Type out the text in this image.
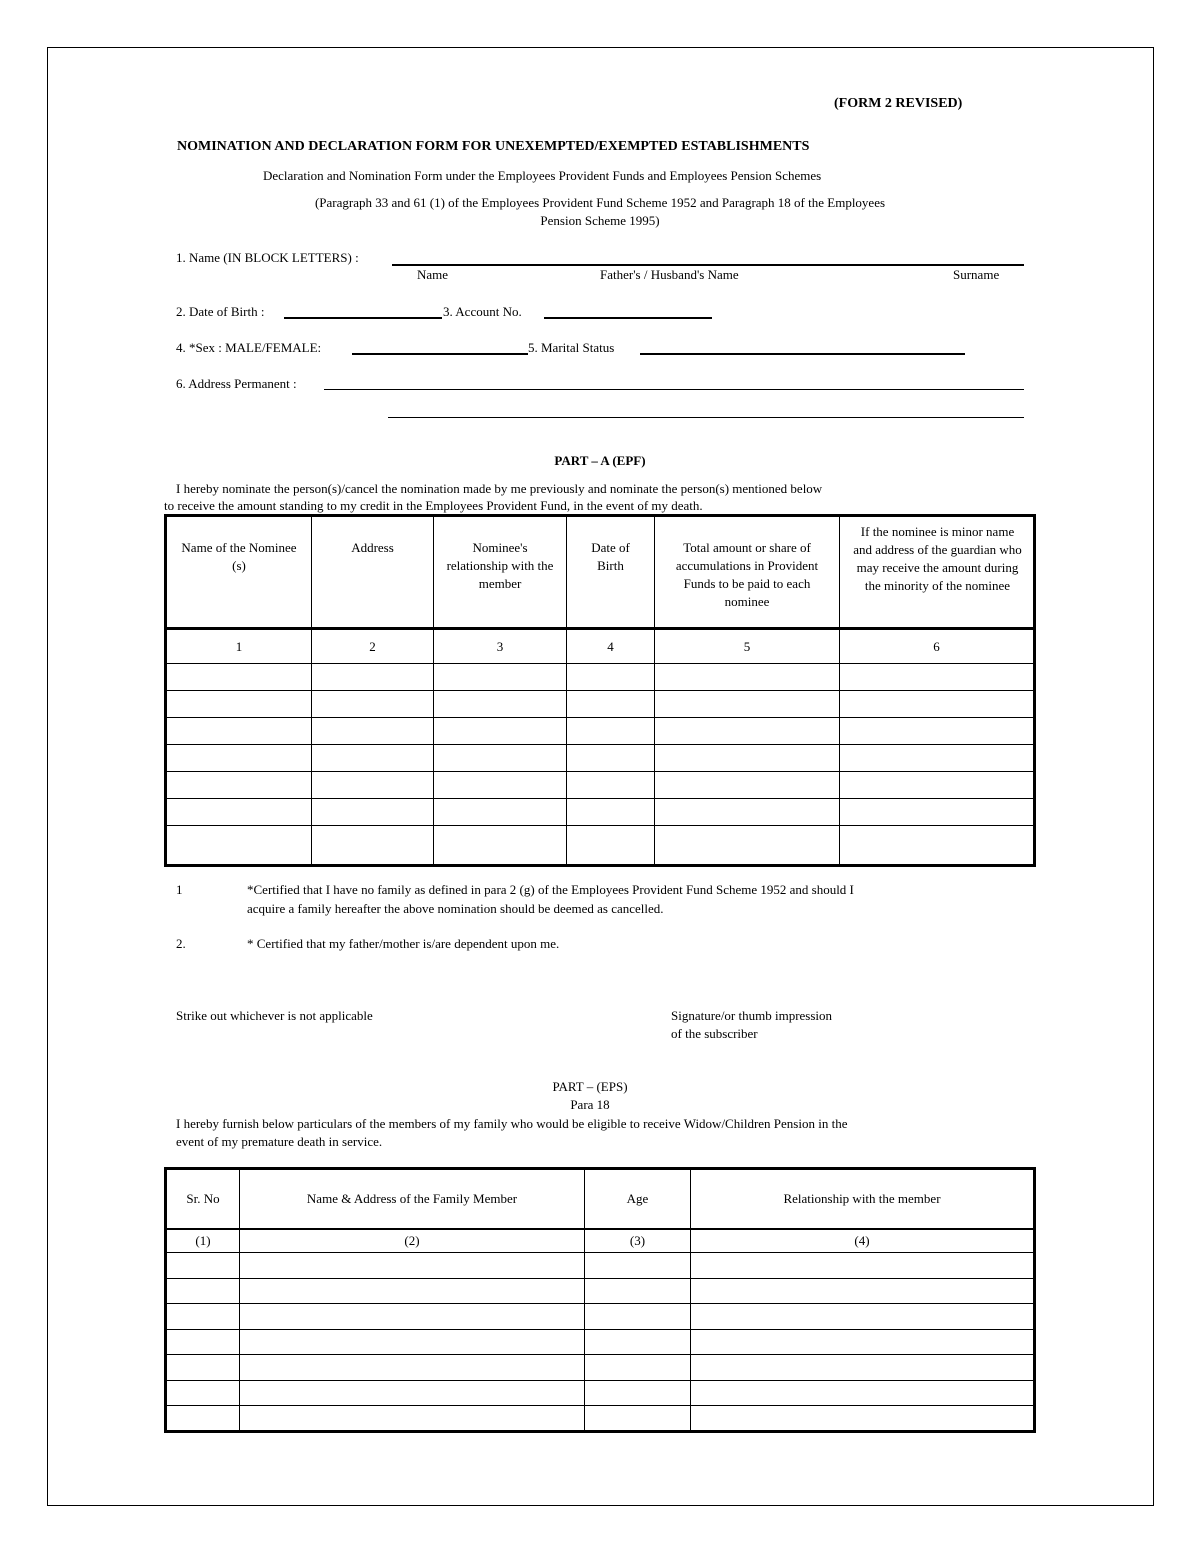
(FORM 2 REVISED)
NOMINATION AND DECLARATION FORM FOR UNEXEMPTED/EXEMPTED ESTABLISHMENTS
Declaration and Nomination Form under the Employees Provident Funds and Employees Pension Schemes
(Paragraph 33 and 61 (1) of the Employees Provident Fund Scheme 1952 and Paragraph 18 of the Employees
Pension Scheme 1995)
1. Name (IN BLOCK LETTERS) :
Name	Father's / Husband's Name	Surname
2. Date of Birth :	3. Account No.
4. *Sex : MALE/FEMALE:	5. Marital Status
6. Address Permanent :
PART – A (EPF)
I hereby nominate the person(s)/cancel the nomination made by me previously and nominate the person(s) mentioned below
to receive the amount standing to my credit in the Employees Provident Fund, in the event of my death.
Name of the Nominee (s)	Address	Nominee's relationship with the member	Date of Birth	Total amount or share of accumulations in Provident Funds to be paid to each nominee	If the nominee is minor name and address of the guardian who may receive the amount during the minority of the nominee
1	2	3	4	5	6

1	*Certified that I have no family as defined in para 2 (g) of the Employees Provident Fund Scheme 1952 and should I
acquire a family hereafter the above nomination should be deemed as cancelled.
2.	* Certified that my father/mother is/are dependent upon me.
Strike out whichever is not applicable	Signature/or thumb impression
of the subscriber
PART – (EPS)
Para 18
I hereby furnish below particulars of the members of my family who would be eligible to receive Widow/Children Pension in the
event of my premature death in service.
Sr. No	Name & Address of the Family Member	Age	Relationship with the member
(1)	(2)	(3)	(4)
